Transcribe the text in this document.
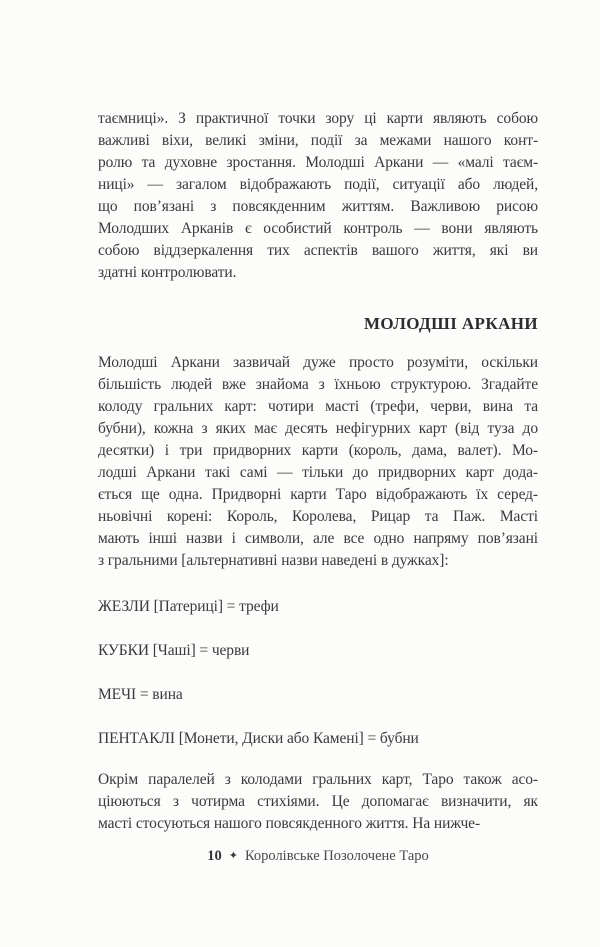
таємниці». З практичної точки зору ці карти являють собою
важливі віхи, великі зміни, події за межами нашого конт-
ролю та духовне зростання. Молодші Аркани — «малі таєм-
ниці» — загалом відображають події, ситуації або людей,
що пов’язані з повсякденним життям. Важливою рисою
Молодших Арканів є особистий контроль — вони являють
собою віддзеркалення тих аспектів вашого життя, які ви
здатні контролювати.
МОЛОДШІ АРКАНИ
Молодші Аркани зазвичай дуже просто розуміти, оскільки
більшість людей вже знайома з їхньою структурою. Згадайте
колоду гральних карт: чотири масті (трефи, черви, вина та
бубни), кожна з яких має десять нефігурних карт (від туза до
десятки) і три придворних карти (король, дама, валет). Мо-
лодші Аркани такі самі — тільки до придворних карт дода-
ється ще одна. Придворні карти Таро відображають їх серед-
ньовічні корені: Король, Королева, Рицар та Паж. Масті
мають інші назви і символи, але все одно напряму пов’язані
з гральними [альтернативні назви наведені в дужках]:
ЖЕЗЛИ [Патериці] = трефи
КУБКИ [Чаші] = черви
МЕЧІ = вина
ПЕНТАКЛІ [Монети, Диски або Камені] = бубни
Окрім паралелей з колодами гральних карт, Таро також асо-
ціюються з чотирма стихіями. Це допомагає визначити, як
масті стосуються нашого повсякденного життя. На нижче-
10 ✦ Королівське Позолочене Таро
